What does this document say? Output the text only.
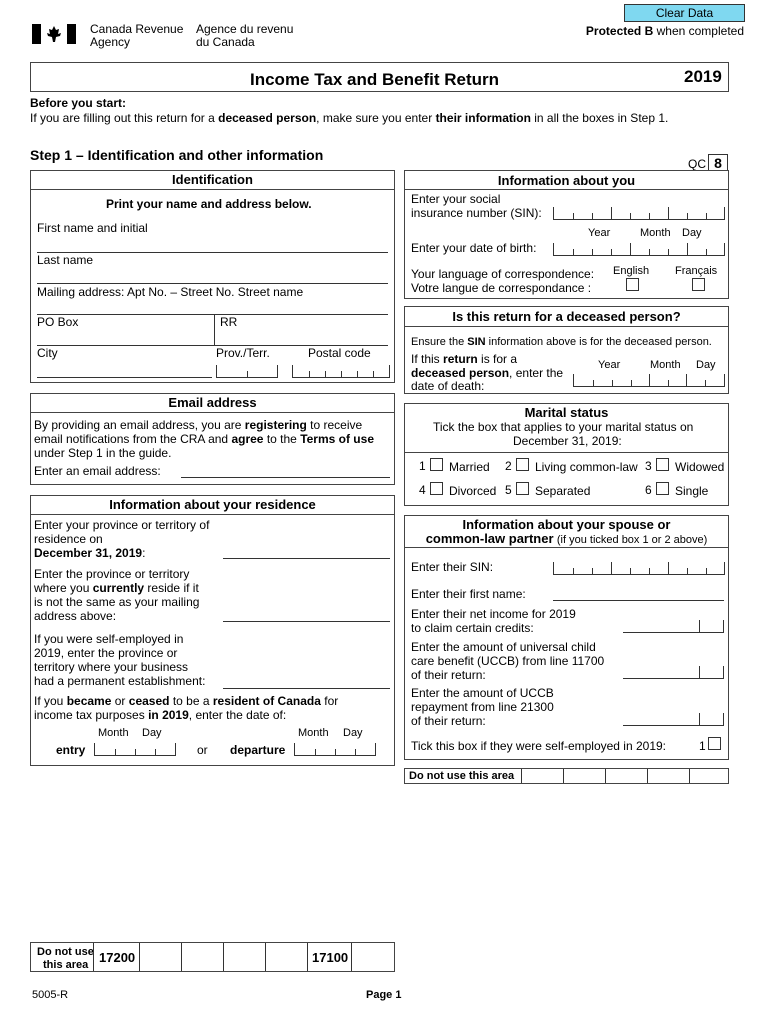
Clear Data
Canada Revenue
Agency
Agence du revenu
du Canada
Protected B when completed
Income Tax and Benefit Return	2019
Before you start:
If you are filling out this return for a deceased person, make sure you enter their information in all the boxes in Step 1.
Step 1 – Identification and other information
QC 8
Identification
Print your name and address below.
First name and initial
Last name
Mailing address: Apt No. – Street No. Street name
PO Box	RR
City	Prov./Terr.	Postal code
Email address
By providing an email address, you are registering to receive
email notifications from the CRA and agree to the Terms of use
under Step 1 in the guide.
Enter an email address:
Information about your residence
Enter your province or territory of
residence on
December 31, 2019:
Enter the province or territory
where you currently reside if it
is not the same as your mailing
address above:
If you were self-employed in
2019, enter the province or
territory where your business
had a permanent establishment:
If you became or ceased to be a resident of Canada for
income tax purposes in 2019, enter the date of:
Month Day
entry	or
Month Day
departure
Information about you
Enter your social
insurance number (SIN):
Year	Month Day
Enter your date of birth:
English Français
Your language of correspondence:
Votre langue de correspondance :
Is this return for a deceased person?
Ensure the SIN information above is for the deceased person.
If this return is for a
deceased person, enter the
date of death:
Year	Month Day
Marital status
Tick the box that applies to your marital status on
December 31, 2019:
1 Married 2 Living common-law 3 Widowed
4 Divorced 5 Separated	6 Single
Information about your spouse or
common-law partner (if you ticked box 1 or 2 above)
Enter their SIN:
Enter their first name:
Enter their net income for 2019
to claim certain credits:
Enter the amount of universal child
care benefit (UCCB) from line 11700
of their return:
Enter the amount of UCCB
repayment from line 21300
of their return:
Tick this box if they were self-employed in 2019:	1
Do not use this area
Do not use
this area 17200	17100
5005-R	Page 1
